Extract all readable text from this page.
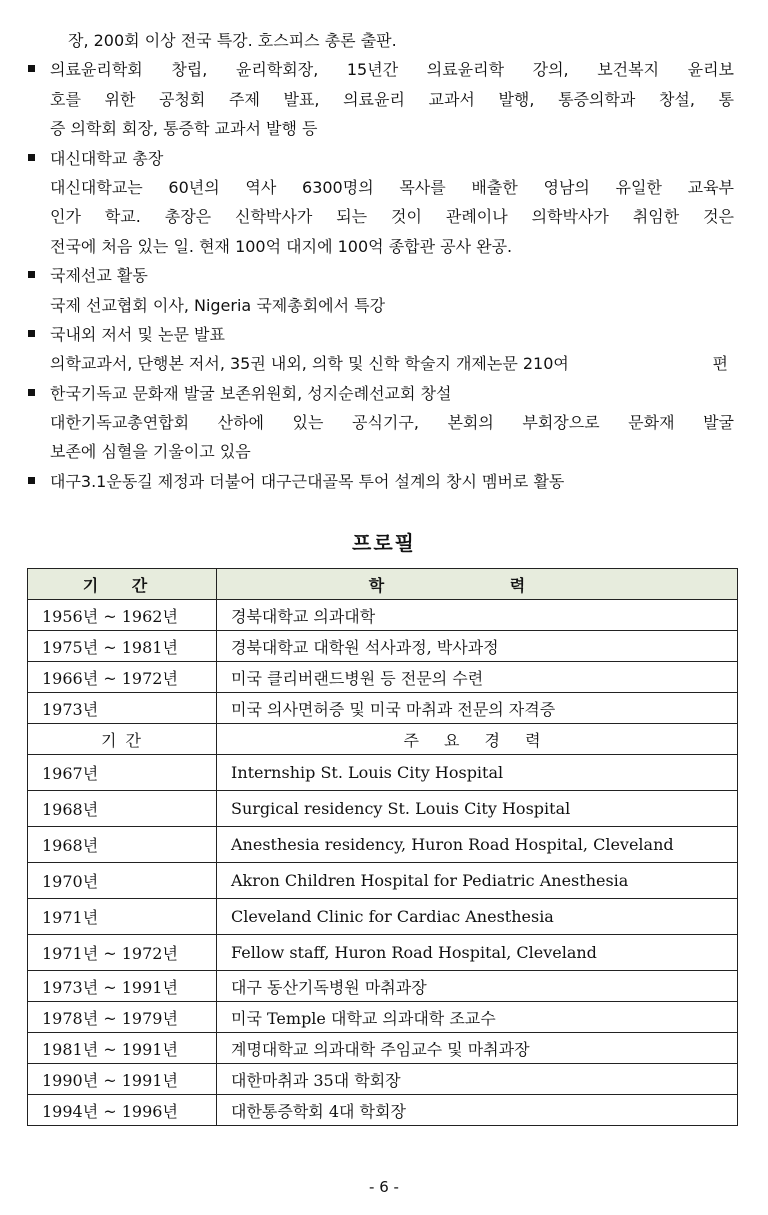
장, 200회 이상 전국 특강. 호스피스 총론 출판.
의료윤리학회 창립, 윤리학회장, 15년간 의료윤리학 강의, 보건복지 윤리보
호를 위한 공청회 주제 발표, 의료윤리 교과서 발행, 통증의학과 창설, 통
증 의학회 회장, 통증학 교과서 발행 등
대신대학교 총장
대신대학교는 60년의 역사 6300명의 목사를 배출한 영남의 유일한 교육부
인가 학교. 총장은 신학박사가 되는 것이 관례이나 의학박사가 취임한 것은
전국에 처음 있는 일. 현재 100억 대지에 100억 종합관 공사 완공.
국제선교 활동
국제 선교협회 이사, Nigeria 국제총회에서 특강
국내외 저서 및 논문 발표
의학교과서, 단행본 저서, 35권 내외, 의학 및 신학 학술지 개제논문 210여	편
한국기독교 문화재 발굴 보존위원회, 성지순례선교회 창설
대한기독교총연합회 산하에 있는 공식기구, 본회의 부회장으로 문화재 발굴
보존에 심혈을 기울이고 있음
대구3.1운동길 제정과 더불어 대구근대골목 투어 설계의 창시 멤버로 활동
프로필
기 간	학 력
1956년 ~ 1962년	경북대학교 의과대학
1975년 ~ 1981년	경북대학교 대학원 석사과정, 박사과정
1966년 ~ 1972년	미국 클리버랜드병원 등 전문의 수련
1973년	미국 의사면허증 및 미국 마취과 전문의 자격증
기 간	주 요 경 력
1967년	Internship St. Louis City Hospital
1968년	Surgical residency St. Louis City Hospital
1968년	Anesthesia residency, Huron Road Hospital, Cleveland
1970년	Akron Children Hospital for Pediatric Anesthesia
1971년	Cleveland Clinic for Cardiac Anesthesia
1971년 ~ 1972년	Fellow staff, Huron Road Hospital, Cleveland
1973년 ~ 1991년	대구 동산기독병원 마취과장
1978년 ~ 1979년	미국 Temple 대학교 의과대학 조교수
1981년 ~ 1991년	계명대학교 의과대학 주임교수 및 마취과장
1990년 ~ 1991년	대한마취과 35대 학회장
1994년 ~ 1996년	대한통증학회 4대 학회장
- 6 -
